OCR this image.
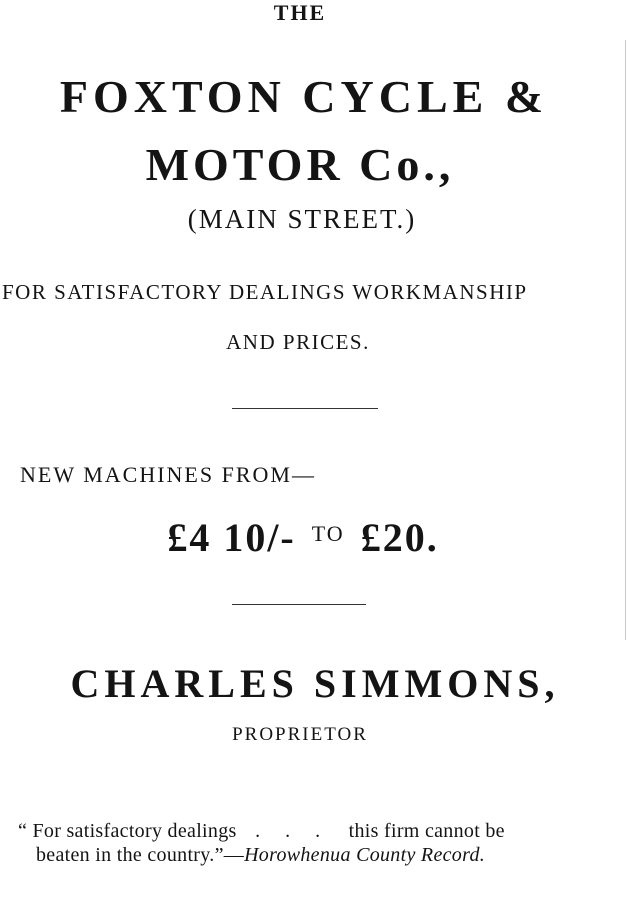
THE
FOXTON CYCLE &
MOTOR Co.,
(MAIN STREET.)
FOR SATISFACTORY DEALINGS WORKMANSHIP
AND PRICES.
NEW MACHINES FROM—
£4 10/- $^{TO}$ £20.
CHARLES SIMMONS,
PROPRIETOR
“ For satisfactory dealings . . . this firm cannot be
beaten in the country.”—Horowhenua County Record.
